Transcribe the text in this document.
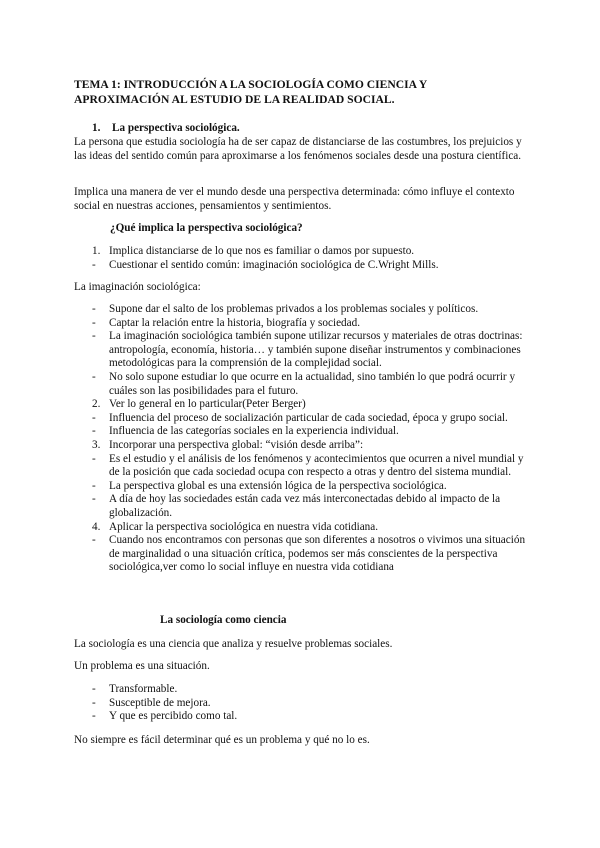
TEMA 1: INTRODUCCIÓN A LA SOCIOLOGÍA COMO CIENCIA Y
APROXIMACIÓN AL ESTUDIO DE LA REALIDAD SOCIAL.
1. La perspectiva sociológica.
La persona que estudia sociología ha de ser capaz de distanciarse de las costumbres, los prejuicios y las ideas del sentido común para aproximarse a los fenómenos sociales desde una postura científica.
Implica una manera de ver el mundo desde una perspectiva determinada: cómo influye el contexto social en nuestras acciones, pensamientos y sentimientos.
¿Qué implica la perspectiva sociológica?
1. Implica distanciarse de lo que nos es familiar o damos por supuesto.
- Cuestionar el sentido común: imaginación sociológica de C.Wright Mills.
La imaginación sociológica:
- Supone dar el salto de los problemas privados a los problemas sociales y políticos.
- Captar la relación entre la historia, biografía y sociedad.
- La imaginación sociológica también supone utilizar recursos y materiales de otras doctrinas: antropología, economía, historia… y también supone diseñar instrumentos y combinaciones metodológicas para la comprensión de la complejidad social.
- No solo supone estudiar lo que ocurre en la actualidad, sino también lo que podrá ocurrir y cuáles son las posibilidades para el futuro.
2. Ver lo general en lo particular(Peter Berger)
- Influencia del proceso de socialización particular de cada sociedad, época y grupo social.
- Influencia de las categorías sociales en la experiencia individual.
3. Incorporar una perspectiva global: “visión desde arriba”:
- Es el estudio y el análisis de los fenómenos y acontecimientos que ocurren a nivel mundial y de la posición que cada sociedad ocupa con respecto a otras y dentro del sistema mundial.
- La perspectiva global es una extensión lógica de la perspectiva sociológica.
- A día de hoy las sociedades están cada vez más interconectadas debido al impacto de la globalización.
4. Aplicar la perspectiva sociológica en nuestra vida cotidiana.
- Cuando nos encontramos con personas que son diferentes a nosotros o vivimos una situación de marginalidad o una situación crítica, podemos ser más conscientes de la perspectiva sociológica,ver como lo social influye en nuestra vida cotidiana
La sociología como ciencia
La sociología es una ciencia que analiza y resuelve problemas sociales.
Un problema es una situación.
- Transformable.
- Susceptible de mejora.
- Y que es percibido como tal.
No siempre es fácil determinar qué es un problema y qué no lo es.
